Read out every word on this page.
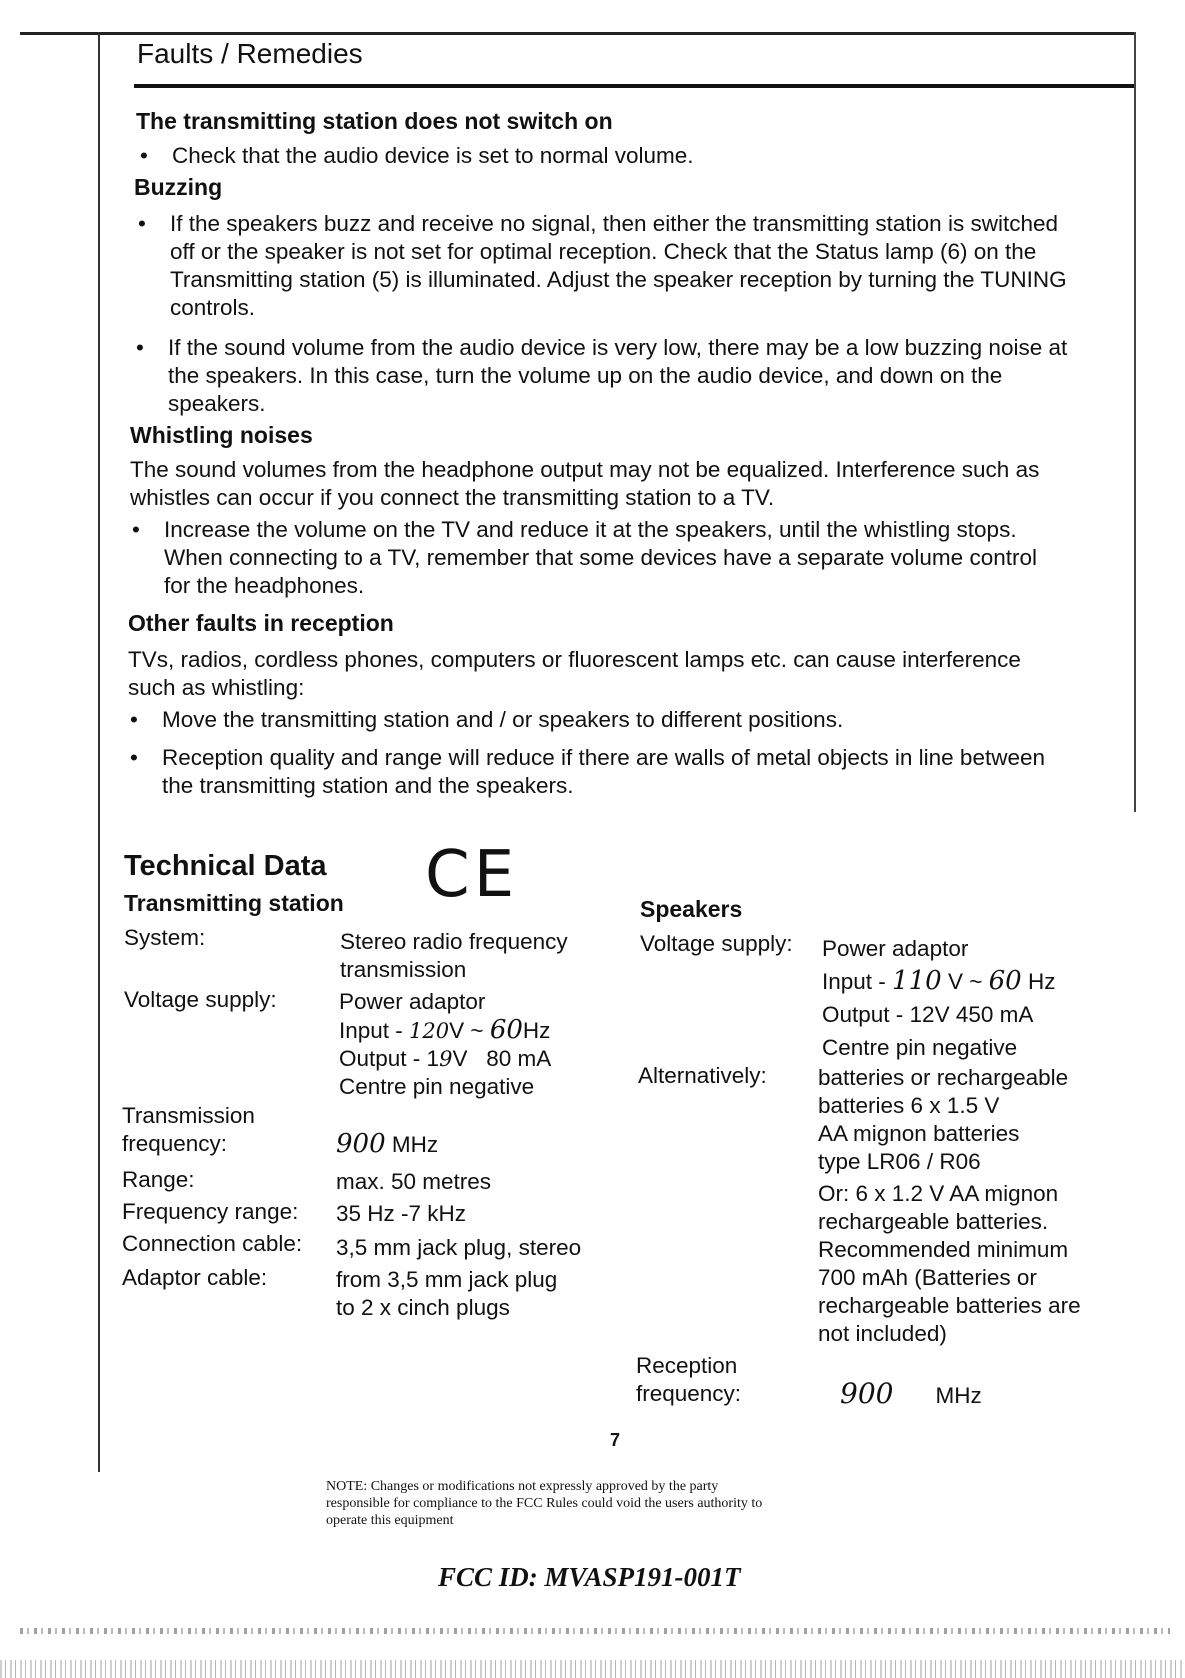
Faults / Remedies
The transmitting station does not switch on
• Check that the audio device is set to normal volume.
Buzzing
• If the speakers buzz and receive no signal, then either the transmitting station is switched
off or the speaker is not set for optimal reception. Check that the Status lamp (6) on the
Transmitting station (5) is illuminated. Adjust the speaker reception by turning the TUNING
controls.
• If the sound volume from the audio device is very low, there may be a low buzzing noise at
the speakers. In this case, turn the volume up on the audio device, and down on the
speakers.
Whistling noises
The sound volumes from the headphone output may not be equalized. Interference such as
whistles can occur if you connect the transmitting station to a TV.
• Increase the volume on the TV and reduce it at the speakers, until the whistling stops.
When connecting to a TV, remember that some devices have a separate volume control
for the headphones.
Other faults in reception
TVs, radios, cordless phones, computers or fluorescent lamps etc. can cause interference
such as whistling:
• Move the transmitting station and / or speakers to different positions.
• Reception quality and range will reduce if there are walls of metal objects in line between
the transmitting station and the speakers.
Technical Data CE
Transmitting station	Speakers
System:	Stereo radio frequency
transmission
Voltage supply:	Power adaptor
Input - 120V ~ 60Hz
Output - 19V   80 mA
Centre pin negative
Transmission
frequency:	900 MHz
Range:	max. 50 metres
Frequency range: 35 Hz -7 kHz
Connection cable: 3,5 mm jack plug, stereo
Adaptor cable:	from 3,5 mm jack plug
to 2 x cinch plugs
Voltage supply: Power adaptor
Input - 110 V ~ 60 Hz
Output - 12V 450 mA
Centre pin negative
Alternatively: batteries or rechargeable
batteries 6 x 1.5 V
AA mignon batteries
type LR06 / R06
Or: 6 x 1.2 V AA mignon
rechargeable batteries.
Recommended minimum
700 mAh (Batteries or
rechargeable batteries are
not included)
Reception
frequency:	900 MHz
7
NOTE: Changes or modifications not expressly approved by the party
responsible for compliance to the FCC Rules could void the users authority to
operate this equipment
FCC ID: MVASP191-001T
